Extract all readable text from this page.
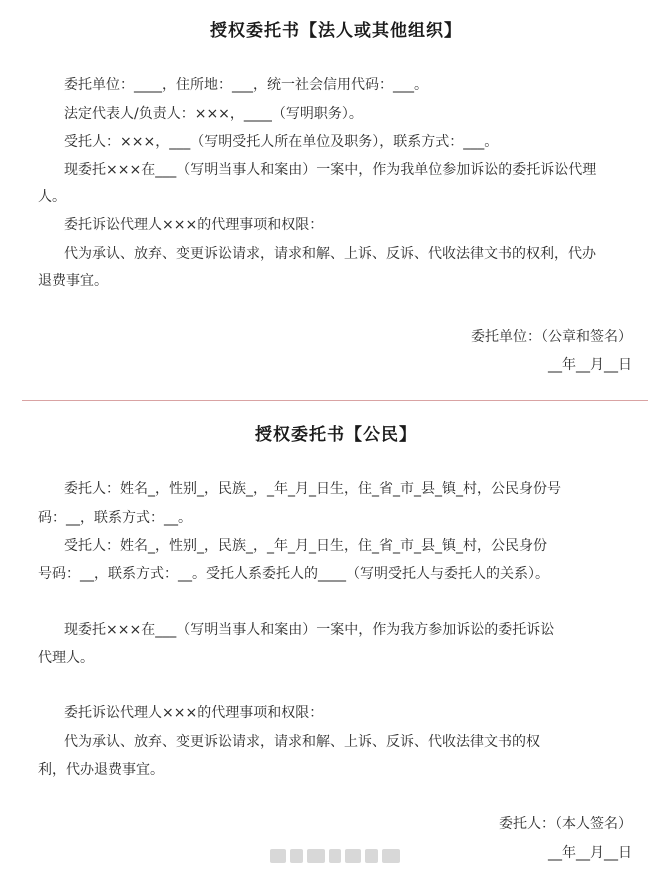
授权委托书【法人或其他组织】
委托单位：____，住所地：___，统一社会信用代码：___。
法定代表人/负责人：×××，____（写明职务）。
受托人：×××，___（写明受托人所在单位及职务），联系方式：___。
现委托×××在___（写明当事人和案由）一案中，作为我单位参加诉讼的委托诉讼代理
人。
委托诉讼代理人×××的代理事项和权限：
代为承认、放弃、变更诉讼请求，请求和解、上诉、反诉、代收法律文书的权利，代办
退费事宜。
委托单位：（公章和签名）
__年__月__日
授权委托书【公民】
委托人：姓名_，性别_，民族_，_年_月_日生，住_省_市_县_镇_村，公民身份号
码：__，联系方式：__。
受托人：姓名_，性别_，民族_，_年_月_日生，住_省_市_县_镇_村，公民身份
号码：__，联系方式：__。受托人系委托人的____（写明受托人与委托人的关系）。
现委托×××在___（写明当事人和案由）一案中，作为我方参加诉讼的委托诉讼
代理人。
委托诉讼代理人×××的代理事项和权限：
代为承认、放弃、变更诉讼请求，请求和解、上诉、反诉、代收法律文书的权
利，代办退费事宜。
委托人：（本人签名）
__年__月__日
